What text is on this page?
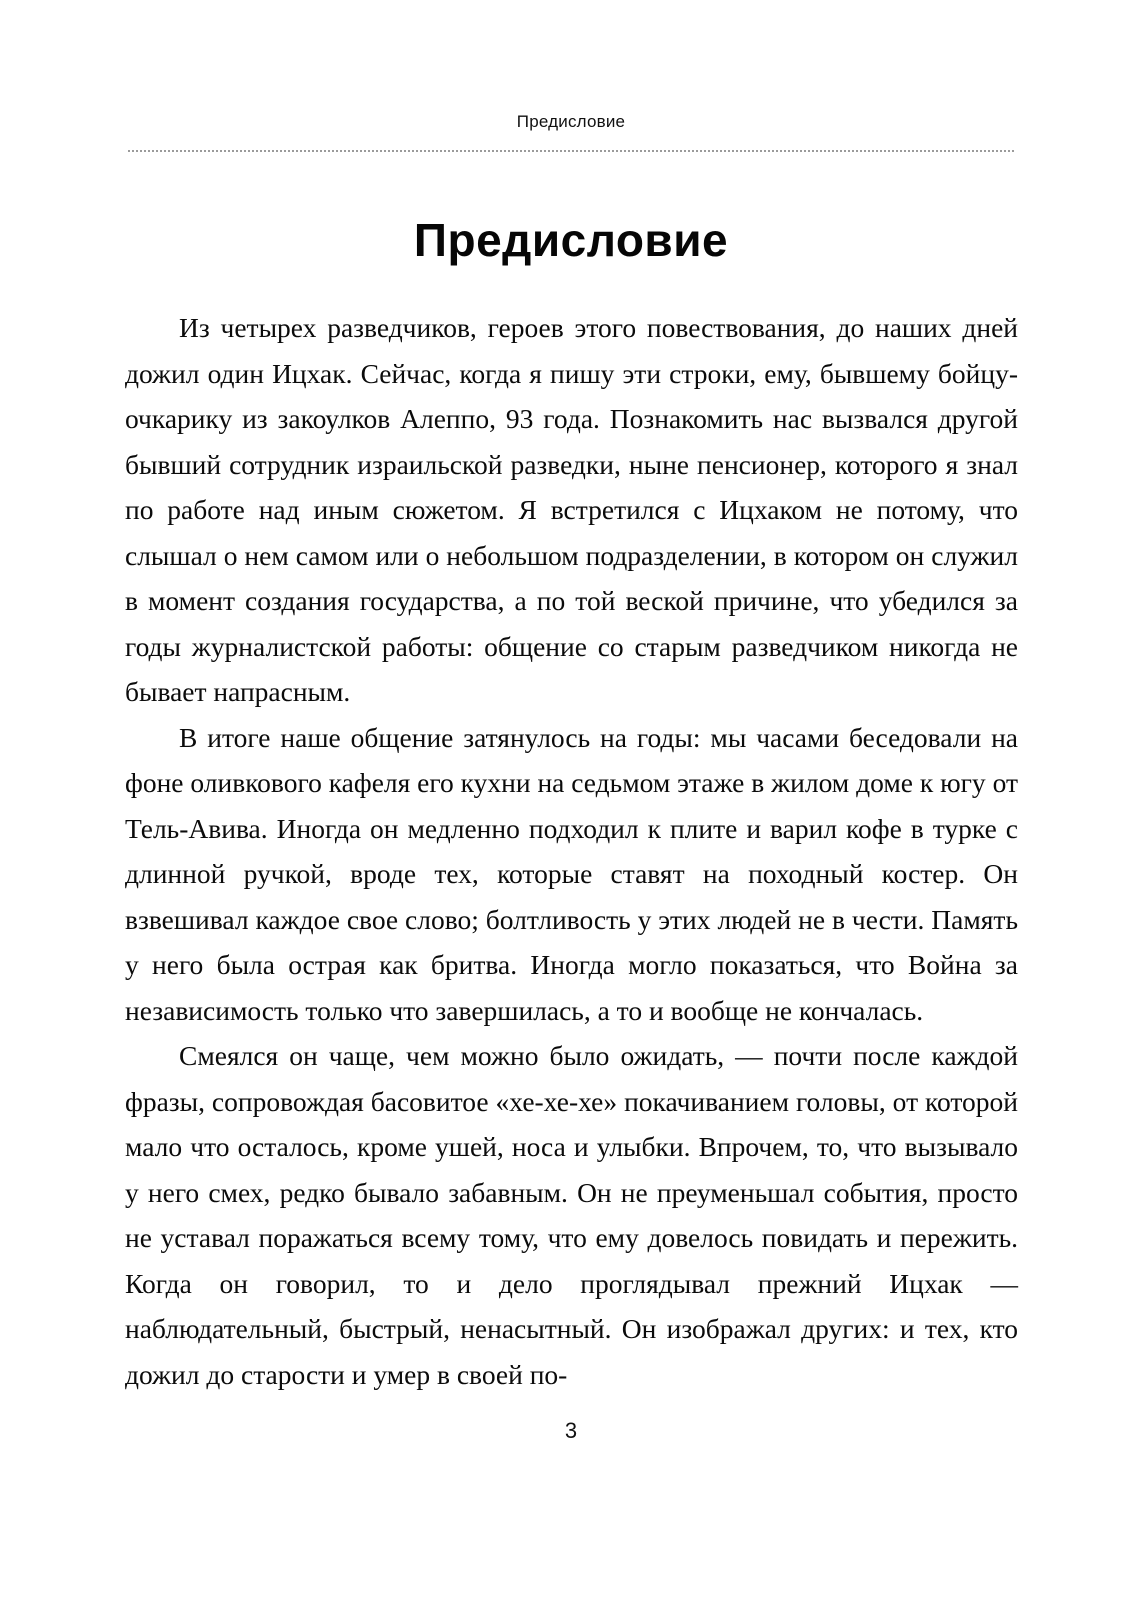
Предисловие
Предисловие

Из четырех разведчиков, героев этого повествования, до наших дней дожил один Ицхак. Сейчас, когда я пишу эти строки, ему, бывшему бойцу-очкарику из закоулков Алеппо, 93 года. Познакомить нас вызвался другой бывший сотрудник израильской разведки, ныне пенсионер, которого я знал по работе над иным сюжетом. Я встретился с Ицхаком не потому, что слышал о нем самом или о небольшом подразделении, в котором он служил в момент создания государства, а по той веской причине, что убедился за годы журналистской работы: общение со старым разведчиком никогда не бывает напрасным.

В итоге наше общение затянулось на годы: мы часами беседовали на фоне оливкового кафеля его кухни на седьмом этаже в жилом доме к югу от Тель-Авива. Иногда он медленно подходил к плите и варил кофе в турке с длинной ручкой, вроде тех, которые ставят на походный костер. Он взвешивал каждое свое слово; болтливость у этих людей не в чести. Память у него была острая как бритва. Иногда могло показаться, что Война за независимость только что завершилась, а то и вообще не кончалась.

Смеялся он чаще, чем можно было ожидать, — почти после каждой фразы, сопровождая басовитое «хе-хе-хе» покачиванием головы, от которой мало что осталось, кроме ушей, носа и улыбки. Впрочем, то, что вызывало у него смех, редко бывало забавным. Он не преуменьшал события, просто не уставал поражаться всему тому, что ему довелось повидать и пережить. Когда он говорил, то и дело проглядывал прежний Ицхак — наблюдательный, быстрый, ненасытный. Он изображал других: и тех, кто дожил до старости и умер в своей по-

3
